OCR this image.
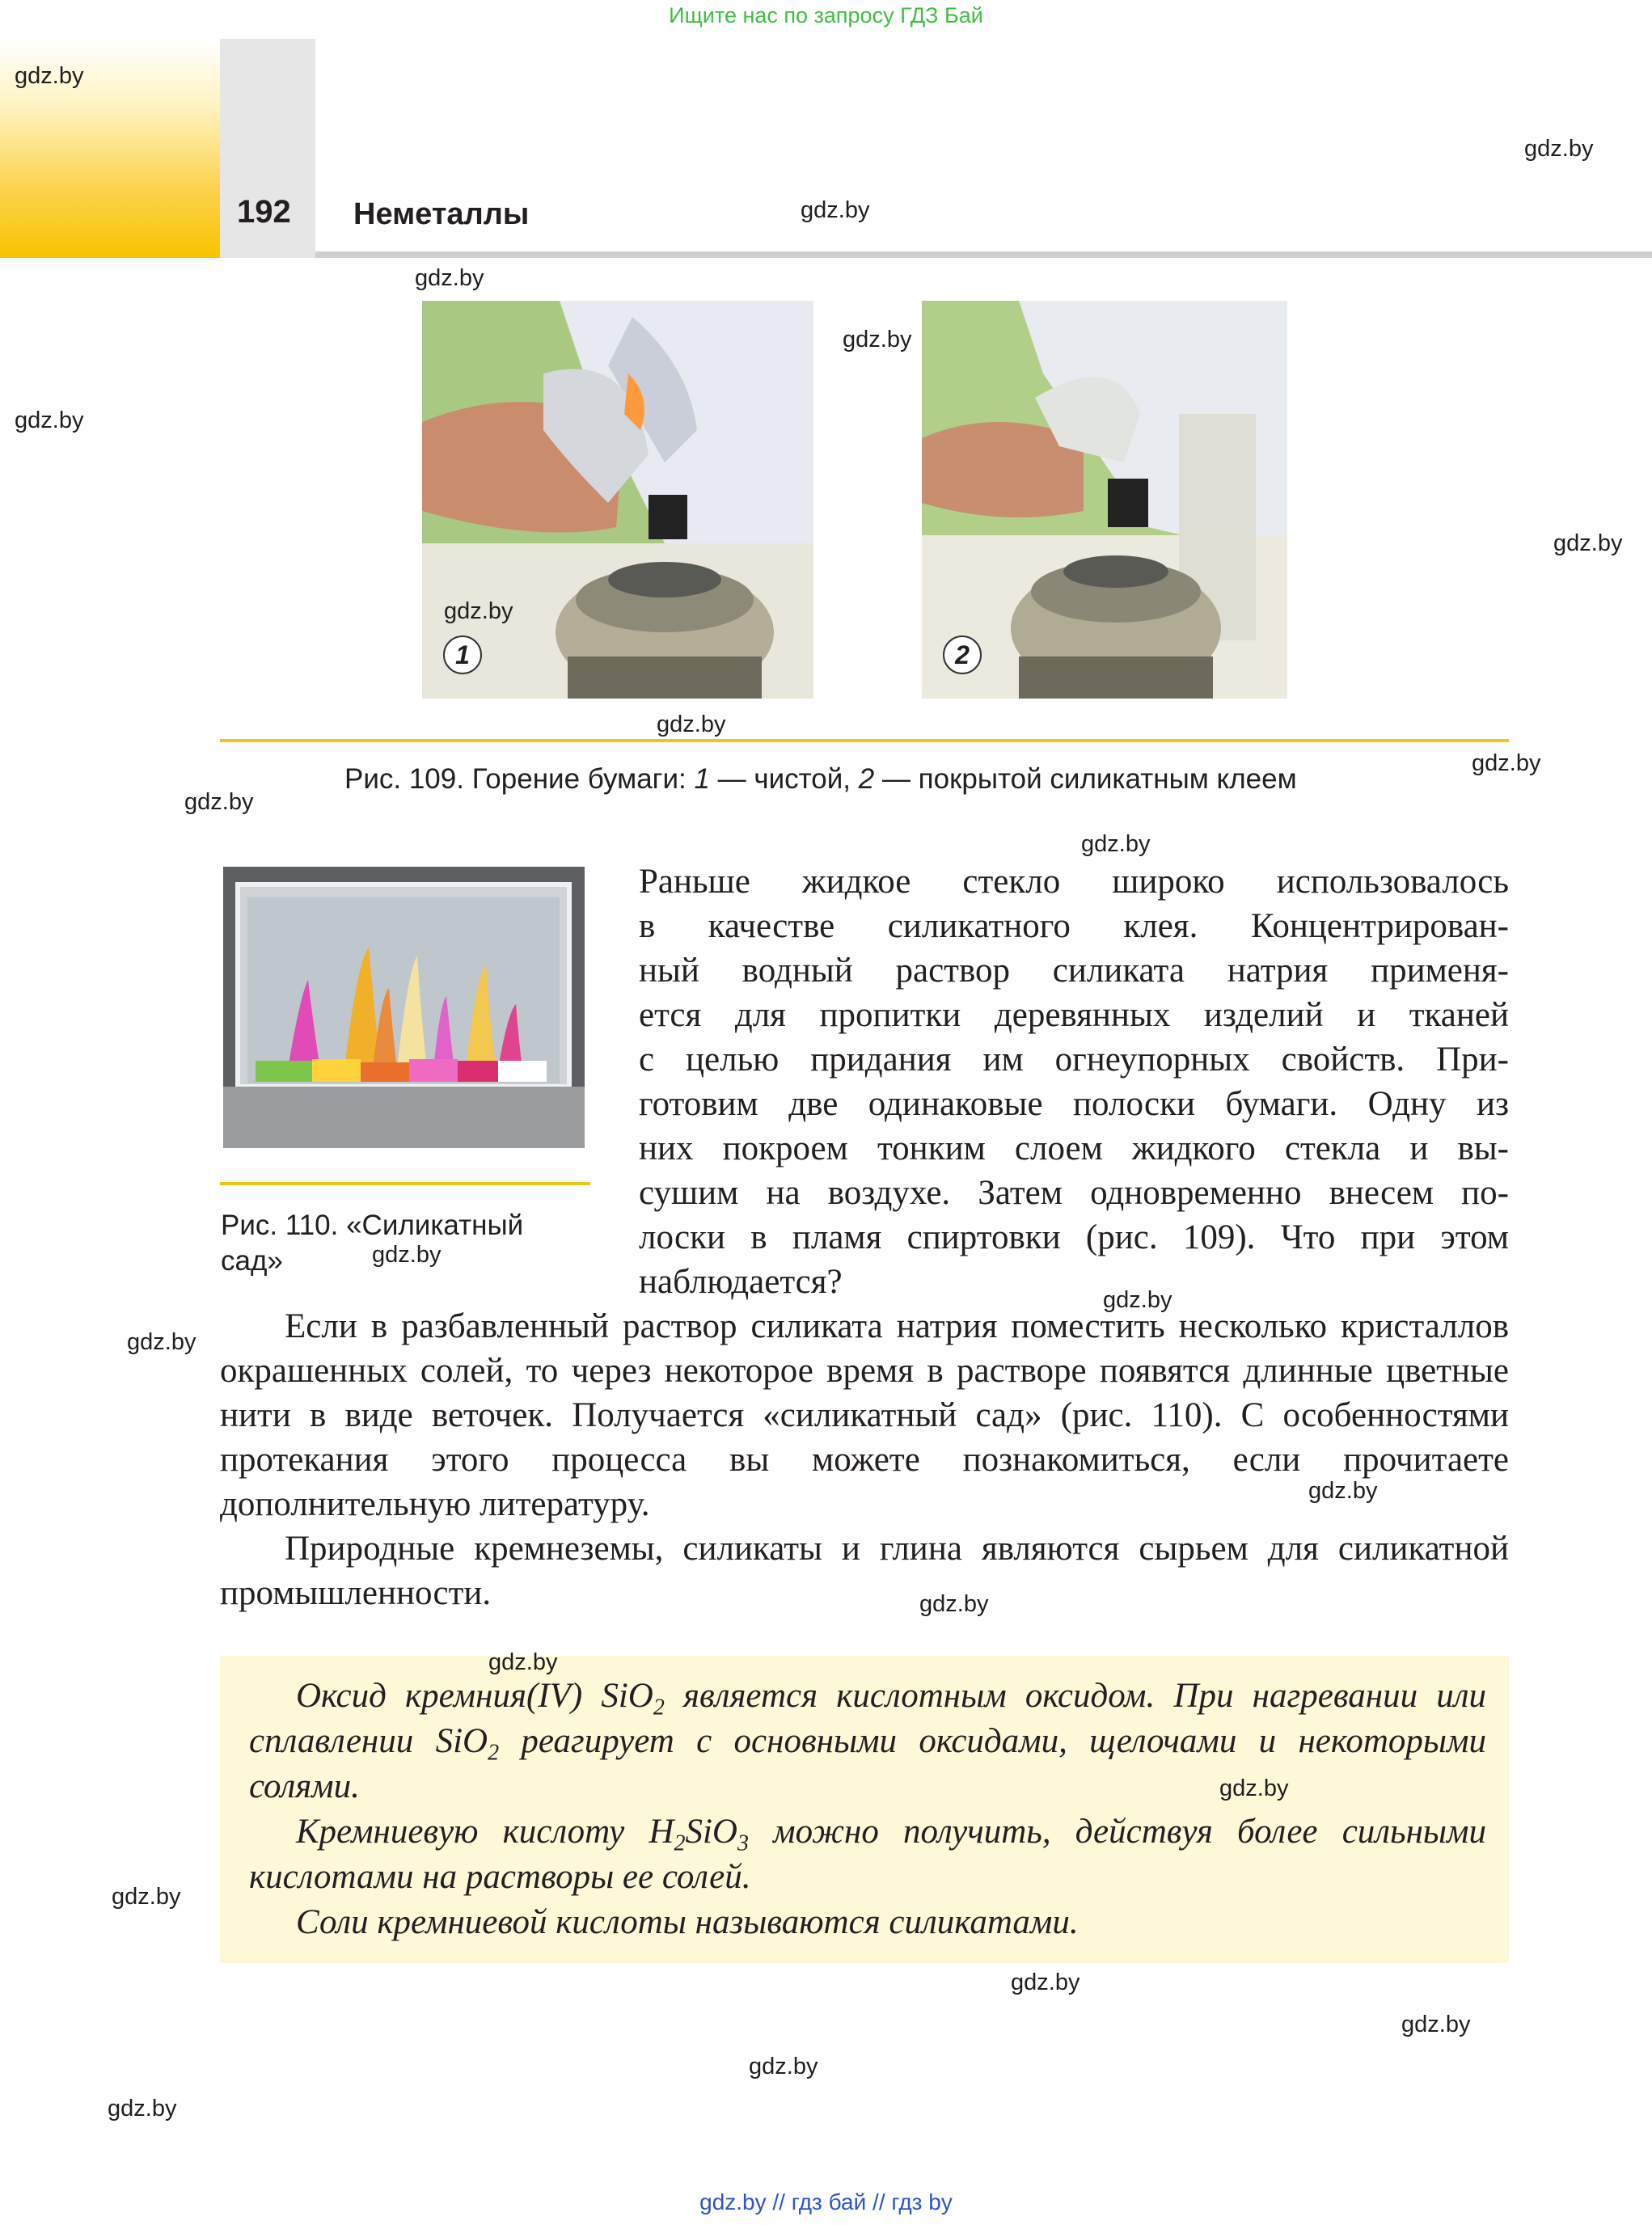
Ищите нас по запросу ГДЗ Бай
192 Неметаллы
1	2
Рис. 109. Горение бумаги: 1 — чистой, 2 — покрытой силикатным клеем
Рис. 110. «Силикатный
сад»
Раньше жидкое стекло широко использовалось
в качестве силикатного клея. Концентрирован-
ный водный раствор силиката натрия применя-
ется для пропитки деревянных изделий и тканей
с целью придания им огнеупорных свойств. При-
готовим две одинаковые полоски бумаги. Одну из
них покроем тонким слоем жидкого стекла и вы-
сушим на воздухе. Затем одновременно внесем по-
лоски в пламя спиртовки (рис. 109). Что при этом
наблюдается?

Если в разбавленный раствор силиката натрия поместить несколько кристаллов окрашенных солей, то через некоторое время в растворе появятся длинные цветные нити в виде веточек. Получается «силикатный сад» (рис. 110). С особенностями протекания этого процесса вы можете познакомиться, если прочитаете дополнительную литературу.

Природные кремнеземы, силикаты и глина являются сырьем для силикатной промышленности.

Оксид кремния(IV) SiO$_2$ является кислотным оксидом. При нагревании или сплавлении SiO$_2$ реагирует с основными оксидами, щелочами и некоторыми солями.

Кремниевую кислоту $H_2SiO_3$ можно получить, действуя более сильными кислотами на растворы ее солей.

Соли кремниевой кислоты называются силикатами.

gdz.by
gdz.by
gdz.by
gdz.by
gdz.by
gdz.by
gdz.by
gdz.by
gdz.by
gdz.by
gdz.by
gdz.by
gdz.by
gdz.by
gdz.by
gdz.by
gdz.by
gdz.by
gdz.by
gdz.by
gdz.by
gdz.by
gdz.by
gdz.by
gdz.by // гдз бай // гдз by
